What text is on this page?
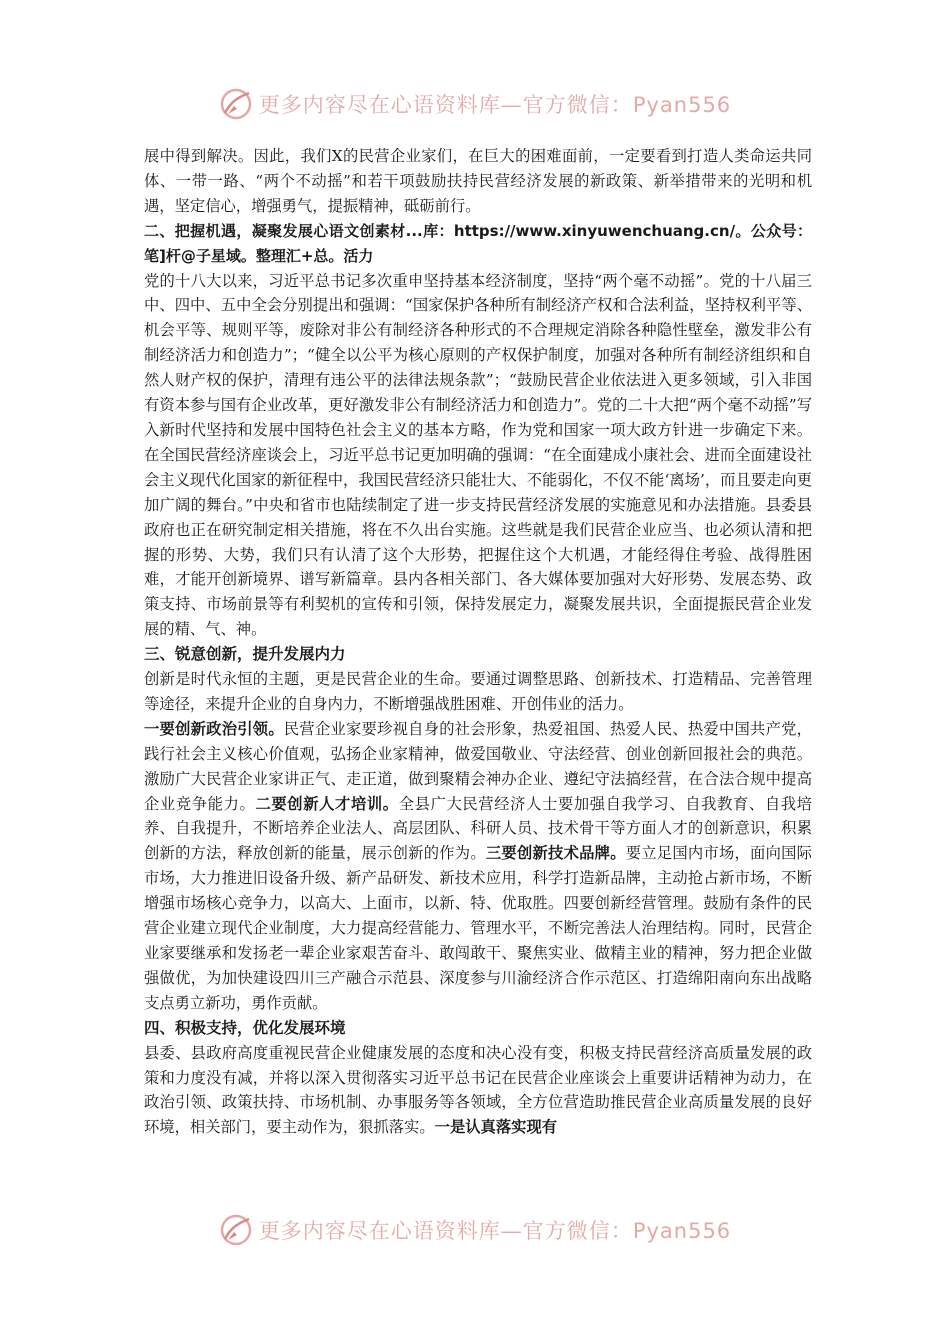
更多内容尽在心语资料库—官方微信：Pyan556

展中得到解决。因此，我们X的民营企业家们，在巨大的困难面前，一定要看到打造人类命运共同体、一带一路、“两个不动摇”和若干项鼓励扶持民营经济发展的新政策、新举措带来的光明和机遇，坚定信心，增强勇气，提振精神，砥砺前行。

二、把握机遇，凝聚发展心语文创素材...库：https://www.xinyuwenchuang.cn/。公众号：笔]杆@子星域。整理汇+总。活力

党的十八大以来，习近平总书记多次重申坚持基本经济制度，坚持“两个毫不动摇”。党的十八届三中、四中、五中全会分别提出和强调：“国家保护各种所有制经济产权和合法利益，坚持权利平等、机会平等、规则平等，废除对非公有制经济各种形式的不合理规定消除各种隐性壁垒，激发非公有制经济活力和创造力”；“健全以公平为核心原则的产权保护制度，加强对各种所有制经济组织和自然人财产权的保护，清理有违公平的法律法规条款”；“鼓励民营企业依法进入更多领域，引入非国有资本参与国有企业改革，更好激发非公有制经济活力和创造力”。党的二十大把“两个毫不动摇”写入新时代坚持和发展中国特色社会主义的基本方略，作为党和国家一项大政方针进一步确定下来。在全国民营经济座谈会上，习近平总书记更加明确的强调：“在全面建成小康社会、进而全面建设社会主义现代化国家的新征程中，我国民营经济只能壮大、不能弱化，不仅不能‘离场’，而且要走向更加广阔的舞台。”中央和省市也陆续制定了进一步支持民营经济发展的实施意见和办法措施。县委县政府也正在研究制定相关措施，将在不久出台实施。这些就是我们民营企业应当、也必须认清和把握的形势、大势，我们只有认清了这个大形势，把握住这个大机遇，才能经得住考验、战得胜困难，才能开创新境界、谱写新篇章。县内各相关部门、各大媒体要加强对大好形势、发展态势、政策支持、市场前景等有利契机的宣传和引领，保持发展定力，凝聚发展共识，全面提振民营企业发展的精、气、神。

三、锐意创新，提升发展内力

创新是时代永恒的主题，更是民营企业的生命。要通过调整思路、创新技术、打造精品、完善管理等途径，来提升企业的自身内力，不断增强战胜困难、开创伟业的活力。

一要创新政治引领。民营企业家要珍视自身的社会形象，热爱祖国、热爱人民、热爱中国共产党，践行社会主义核心价值观，弘扬企业家精神，做爱国敬业、守法经营、创业创新回报社会的典范。激励广大民营企业家讲正气、走正道，做到聚精会神办企业、遵纪守法搞经营，在合法合规中提高企业竞争能力。二要创新人才培训。全县广大民营经济人士要加强自我学习、自我教育、自我培养、自我提升，不断培养企业法人、高层团队、科研人员、技术骨干等方面人才的创新意识，积累创新的方法，释放创新的能量，展示创新的作为。三要创新技术品牌。要立足国内市场，面向国际市场，大力推进旧设备升级、新产品研发、新技术应用，科学打造新品牌，主动抢占新市场，不断增强市场核心竞争力，以高大、上面市，以新、特、优取胜。四要创新经营管理。鼓励有条件的民营企业建立现代企业制度，大力提高经营能力、管理水平，不断完善法人治理结构。同时，民营企业家要继承和发扬老一辈企业家艰苦奋斗、敢闯敢干、聚焦实业、做精主业的精神，努力把企业做强做优，为加快建设四川三产融合示范县、深度参与川渝经济合作示范区、打造绵阳南向东出战略支点勇立新功，勇作贡献。

四、积极支持，优化发展环境

县委、县政府高度重视民营企业健康发展的态度和决心没有变，积极支持民营经济高质量发展的政策和力度没有减，并将以深入贯彻落实习近平总书记在民营企业座谈会上重要讲话精神为动力，在政治引领、政策扶持、市场机制、办事服务等各领域，全方位营造助推民营企业高质量发展的良好环境，相关部门，要主动作为，狠抓落实。一是认真落实现有

更多内容尽在心语资料库—官方微信：Pyan556
